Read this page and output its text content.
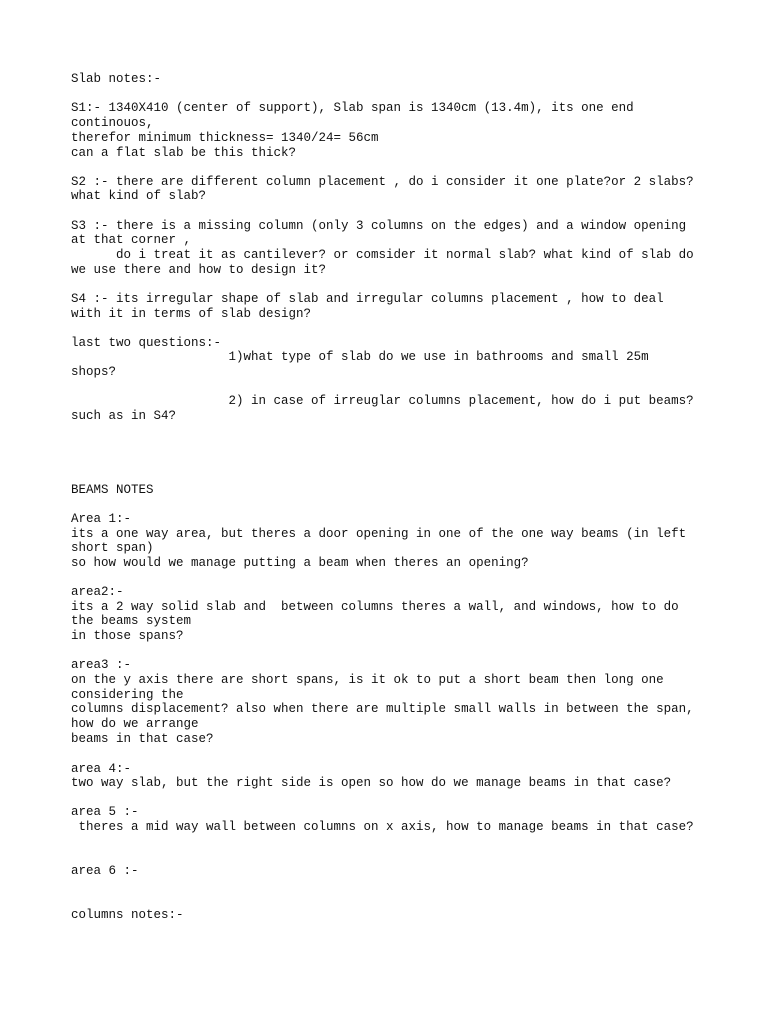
Slab notes:-

S1:- 1340X410 (center of support), Slab span is 1340cm (13.4m), its one end

continouos,

therefor minimum thickness= 1340/24= 56cm

can a flat slab be this thick?

S2 :- there are different column placement , do i consider it one plate?or 2 slabs?

what kind of slab?

S3 :- there is a missing column (only 3 columns on the edges) and a window opening

at that corner ,

do i treat it as cantilever? or comsider it normal slab? what kind of slab do

we use there and how to design it?

S4 :- its irregular shape of slab and irregular columns placement , how to deal

with it in terms of slab design?

last two questions:-

1)what type of slab do we use in bathrooms and small 25m

shops?

2) in case of irreuglar columns placement, how do i put beams?

such as in S4?

BEAMS NOTES

Area 1:-

its a one way area, but theres a door opening in one of the one way beams (in left

short span)

so how would we manage putting a beam when theres an opening?

area2:-

its a 2 way solid slab and  between columns theres a wall, and windows, how to do

the beams system

in those spans?

area3 :-

on the y axis there are short spans, is it ok to put a short beam then long one

considering the

columns displacement? also when there are multiple small walls in between the span,

how do we arrange

beams in that case?

area 4:-

two way slab, but the right side is open so how do we manage beams in that case?

area 5 :-

theres a mid way wall between columns on x axis, how to manage beams in that case?

area 6 :-

columns notes:-
